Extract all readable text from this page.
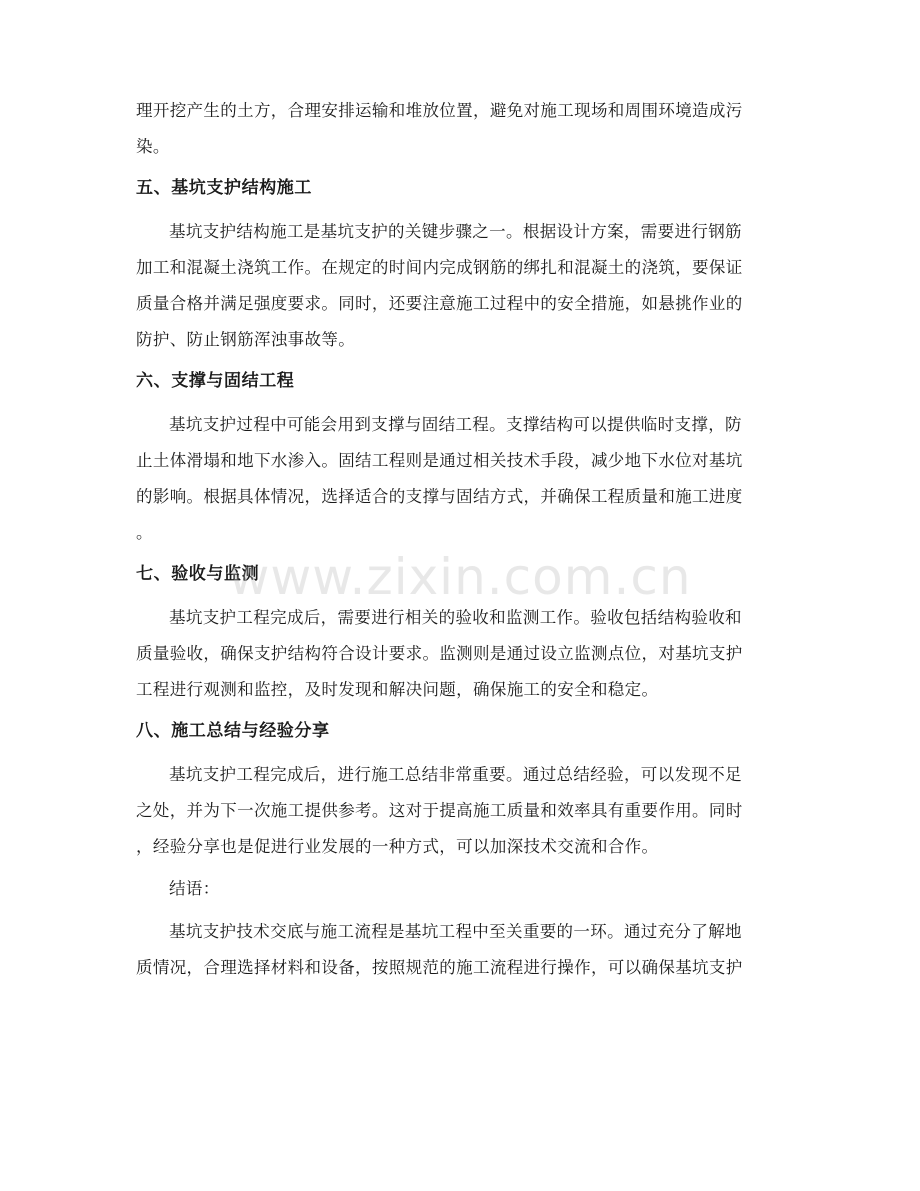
理开挖产生的土方，合理安排运输和堆放位置，避免对施工现场和周围环境造成污
染。
五、基坑支护结构施工
基坑支护结构施工是基坑支护的关键步骤之一。根据设计方案，需要进行钢筋
加工和混凝土浇筑工作。在规定的时间内完成钢筋的绑扎和混凝土的浇筑，要保证
质量合格并满足强度要求。同时，还要注意施工过程中的安全措施，如悬挑作业的
防护、防止钢筋浑浊事故等。
六、支撑与固结工程
基坑支护过程中可能会用到支撑与固结工程。支撑结构可以提供临时支撑，防
止土体滑塌和地下水渗入。固结工程则是通过相关技术手段，减少地下水位对基坑
的影响。根据具体情况，选择适合的支撑与固结方式，并确保工程质量和施工进度
。
七、验收与监测
基坑支护工程完成后，需要进行相关的验收和监测工作。验收包括结构验收和
质量验收，确保支护结构符合设计要求。监测则是通过设立监测点位，对基坑支护
工程进行观测和监控，及时发现和解决问题，确保施工的安全和稳定。
八、施工总结与经验分享
基坑支护工程完成后，进行施工总结非常重要。通过总结经验，可以发现不足
之处，并为下一次施工提供参考。这对于提高施工质量和效率具有重要作用。同时
，经验分享也是促进行业发展的一种方式，可以加深技术交流和合作。
结语：
基坑支护技术交底与施工流程是基坑工程中至关重要的一环。通过充分了解地
质情况，合理选择材料和设备，按照规范的施工流程进行操作，可以确保基坑支护
www.zixin.com.cn
